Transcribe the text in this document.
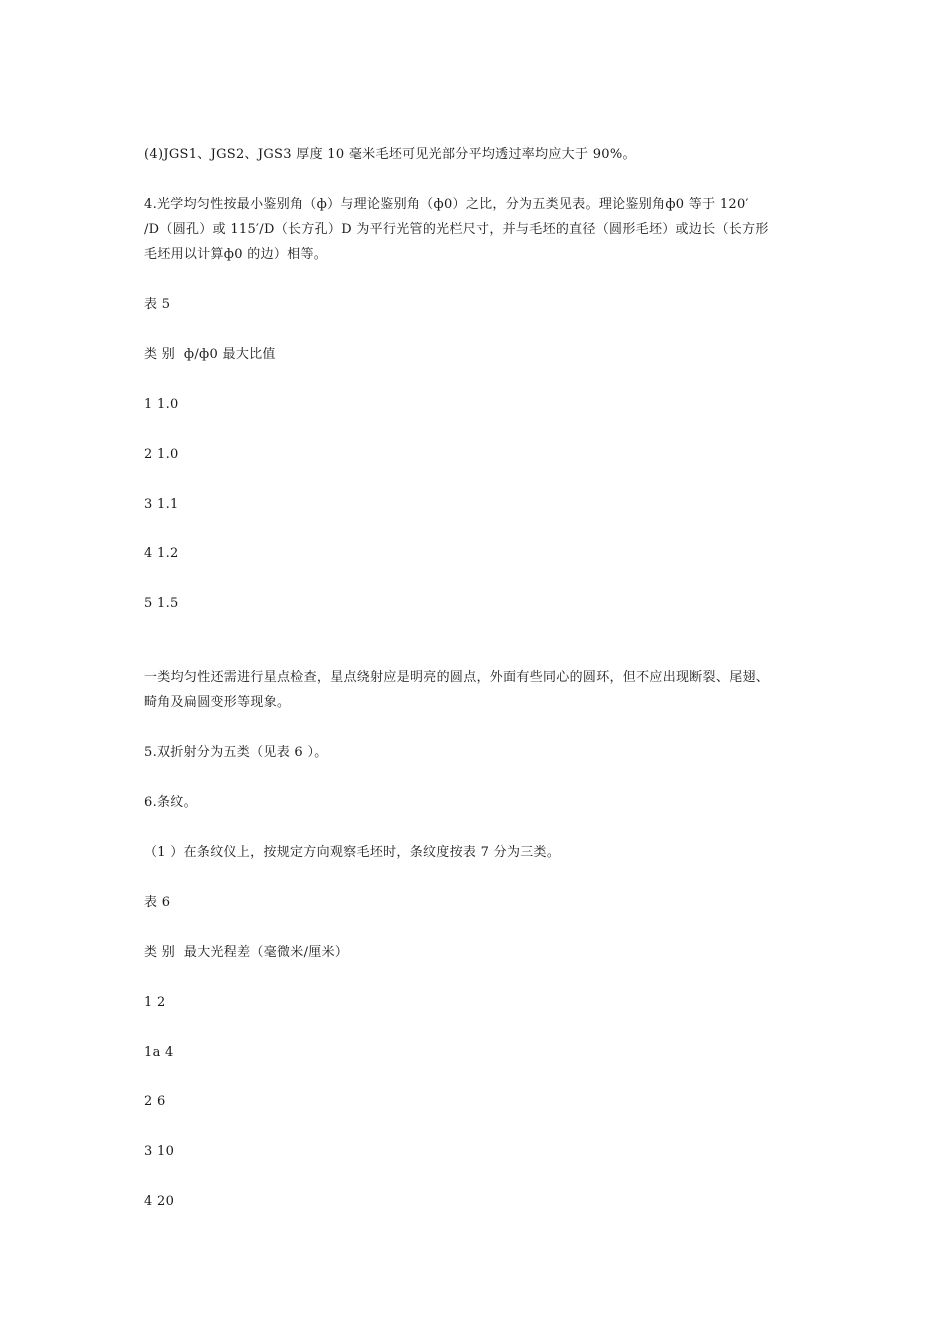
(4)JGS1、JGS2、JGS3 厚度 10 毫米毛坯可见光部分平均透过率均应大于 90%。
4.光学均匀性按最小鉴别角（ф）与理论鉴别角（ф0）之比，分为五类见表。理论鉴别角ф0 等于 120′
/D（圆孔）或 115′/D（长方孔）D 为平行光管的光栏尺寸，并与毛坯的直径（圆形毛坯）或边长（长方形
毛坯用以计算ф0 的边）相等。
表 5
类 别  ф/ф0 最大比值
1 1.0
2 1.0
3 1.1
4 1.2
5 1.5
一类均匀性还需进行星点检查，星点绕射应是明亮的圆点，外面有些同心的圆环，但不应出现断裂、尾翅、
畸角及扁圆变形等现象。
5.双折射分为五类（见表 6 ）。
6.条纹。
（1 ）在条纹仪上，按规定方向观察毛坯时，条纹度按表 7 分为三类。
表 6
类 别  最大光程差（毫微米/厘米）
1 2
1a 4
2 6
3 10
4 20
